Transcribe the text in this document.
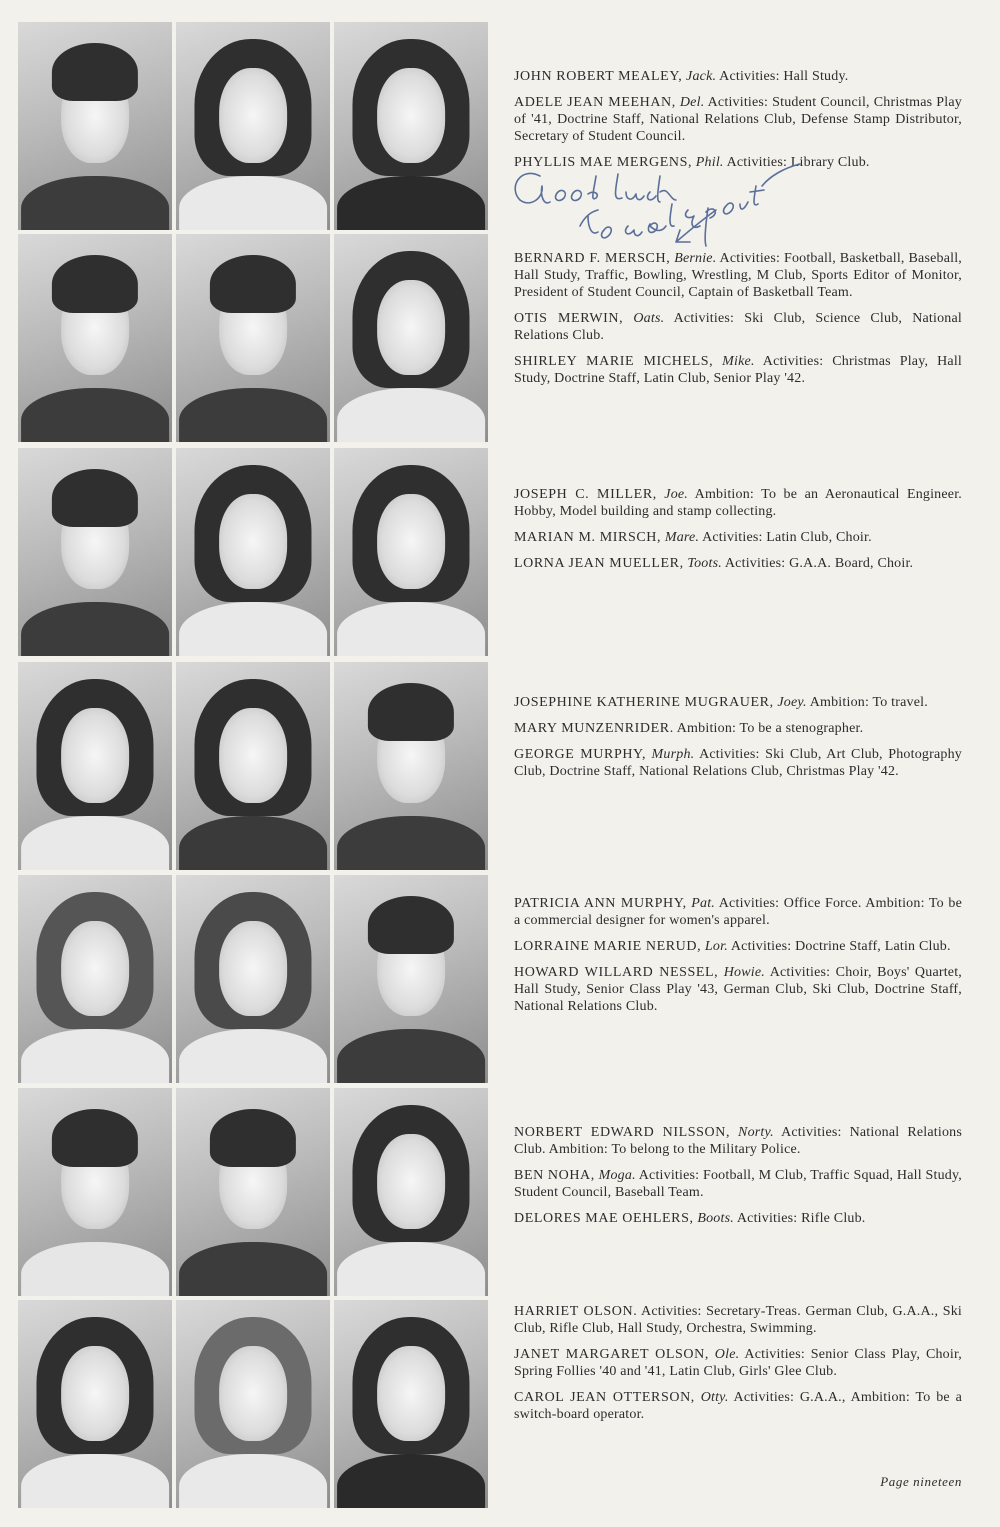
JOHN ROBERT MEALEY, Jack. Activities: Hall Study.

ADELE JEAN MEEHAN, Del. Activities: Student Council, Christmas Play of '41, Doctrine Staff, National Relations Club, Defense Stamp Distributor, Secretary of Student Council.

PHYLLIS MAE MERGENS, Phil. Activities: Library Club.

BERNARD F. MERSCH, Bernie. Activities: Football, Basketball, Baseball, Hall Study, Traffic, Bowling, Wrestling, M Club, Sports Editor of Monitor, President of Student Council, Captain of Basketball Team.

OTIS MERWIN, Oats. Activities: Ski Club, Science Club, National Relations Club.

SHIRLEY MARIE MICHELS, Mike. Activities: Christmas Play, Hall Study, Doctrine Staff, Latin Club, Senior Play '42.

JOSEPH C. MILLER, Joe. Ambition: To be an Aeronautical Engineer. Hobby, Model building and stamp collecting.

MARIAN M. MIRSCH, Mare. Activities: Latin Club, Choir.

LORNA JEAN MUELLER, Toots. Activities: G.A.A. Board, Choir.

JOSEPHINE KATHERINE MUGRAUER, Joey. Ambition: To travel.

MARY MUNZENRIDER. Ambition: To be a stenographer.

GEORGE MURPHY, Murph. Activities: Ski Club, Art Club, Photography Club, Doctrine Staff, National Relations Club, Christmas Play '42.

PATRICIA ANN MURPHY, Pat. Activities: Office Force. Ambition: To be a commercial designer for women's apparel.

LORRAINE MARIE NERUD, Lor. Activities: Doctrine Staff, Latin Club.

HOWARD WILLARD NESSEL, Howie. Activities: Choir, Boys' Quartet, Hall Study, Senior Class Play '43, German Club, Ski Club, Doctrine Staff, National Relations Club.

NORBERT EDWARD NILSSON, Norty. Activities: National Relations Club. Ambition: To belong to the Military Police.

BEN NOHA, Moga. Activities: Football, M Club, Traffic Squad, Hall Study, Student Council, Baseball Team.

DELORES MAE OEHLERS, Boots. Activities: Rifle Club.

HARRIET OLSON. Activities: Secretary-Treas. German Club, G.A.A., Ski Club, Rifle Club, Hall Study, Orchestra, Swimming.

JANET MARGARET OLSON, Ole. Activities: Senior Class Play, Choir, Spring Follies '40 and '41, Latin Club, Girls' Glee Club.

CAROL JEAN OTTERSON, Otty. Activities: G.A.A., Ambition: To be a switch-board operator.

Page nineteen
